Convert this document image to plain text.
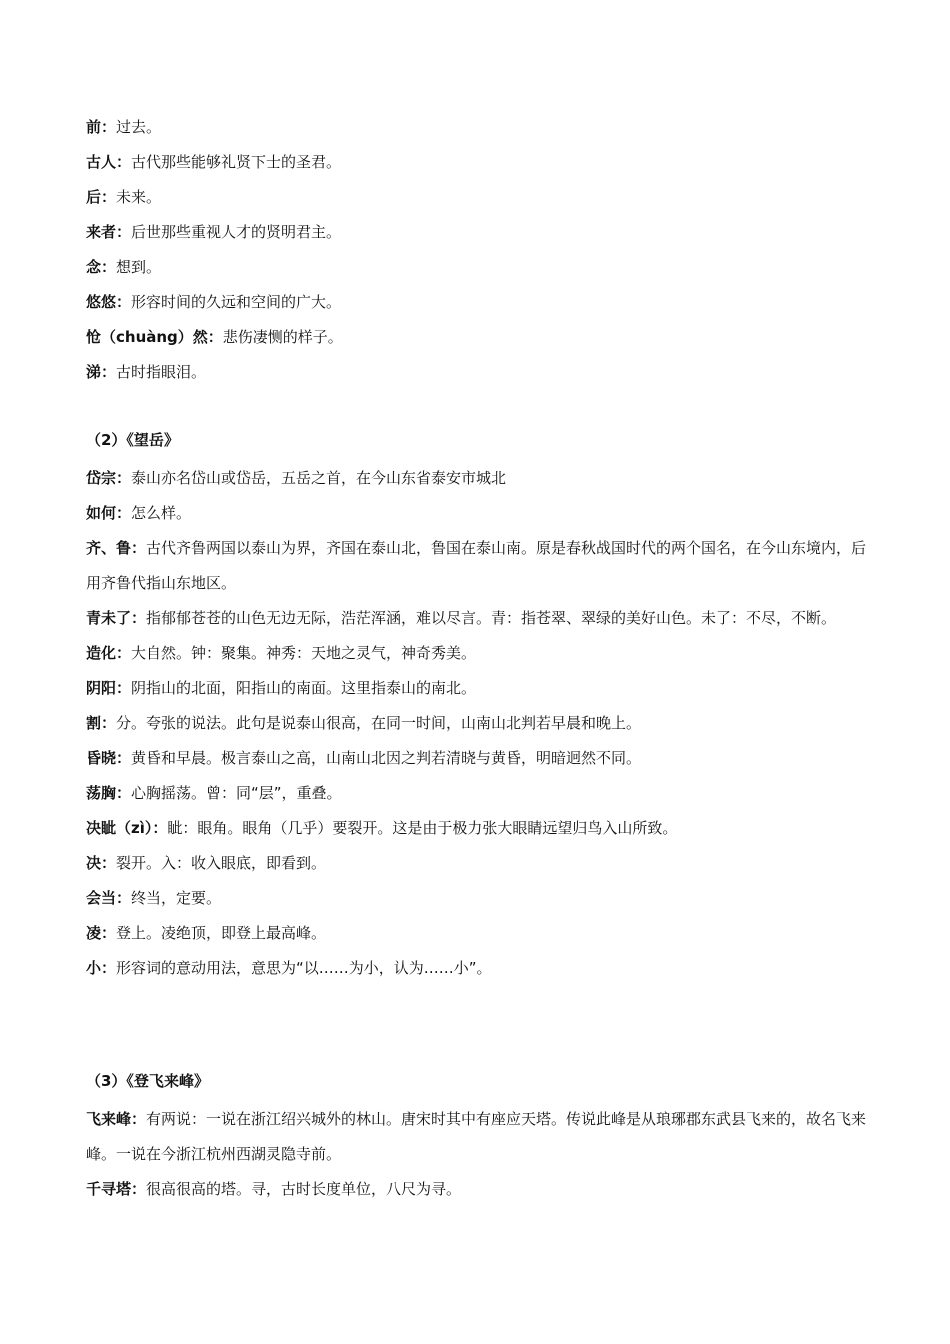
前：过去。

古人：古代那些能够礼贤下士的圣君。

后：未来。

来者：后世那些重视人才的贤明君主。

念：想到。

悠悠：形容时间的久远和空间的广大。

怆（chuàng）然：悲伤凄恻的样子。

涕：古时指眼泪。

（2）《望岳》

岱宗：泰山亦名岱山或岱岳，五岳之首，在今山东省泰安市城北

如何：怎么样。

齐、鲁：古代齐鲁两国以泰山为界，齐国在泰山北，鲁国在泰山南。原是春秋战国时代的两个国名，在今山东境内，后用齐鲁代指山东地区。

青未了：指郁郁苍苍的山色无边无际，浩茫浑涵，难以尽言。青：指苍翠、翠绿的美好山色。未了：不尽，不断。

造化：大自然。钟：聚集。神秀：天地之灵气，神奇秀美。

阴阳：阴指山的北面，阳指山的南面。这里指泰山的南北。

割：分。夸张的说法。此句是说泰山很高，在同一时间，山南山北判若早晨和晚上。

昏晓：黄昏和早晨。极言泰山之高，山南山北因之判若清晓与黄昏，明暗迥然不同。

荡胸：心胸摇荡。曾：同“层”，重叠。

决眦（zì）：眦：眼角。眼角（几乎）要裂开。这是由于极力张大眼睛远望归鸟入山所致。

决：裂开。入：收入眼底，即看到。

会当：终当，定要。

凌：登上。凌绝顶，即登上最高峰。

小：形容词的意动用法，意思为“以……为小，认为……小”。

（3）《登飞来峰》

飞来峰：有两说：一说在浙江绍兴城外的林山。唐宋时其中有座应天塔。传说此峰是从琅琊郡东武县飞来的，故名飞来峰。一说在今浙江杭州西湖灵隐寺前。

千寻塔：很高很高的塔。寻，古时长度单位，八尺为寻。
